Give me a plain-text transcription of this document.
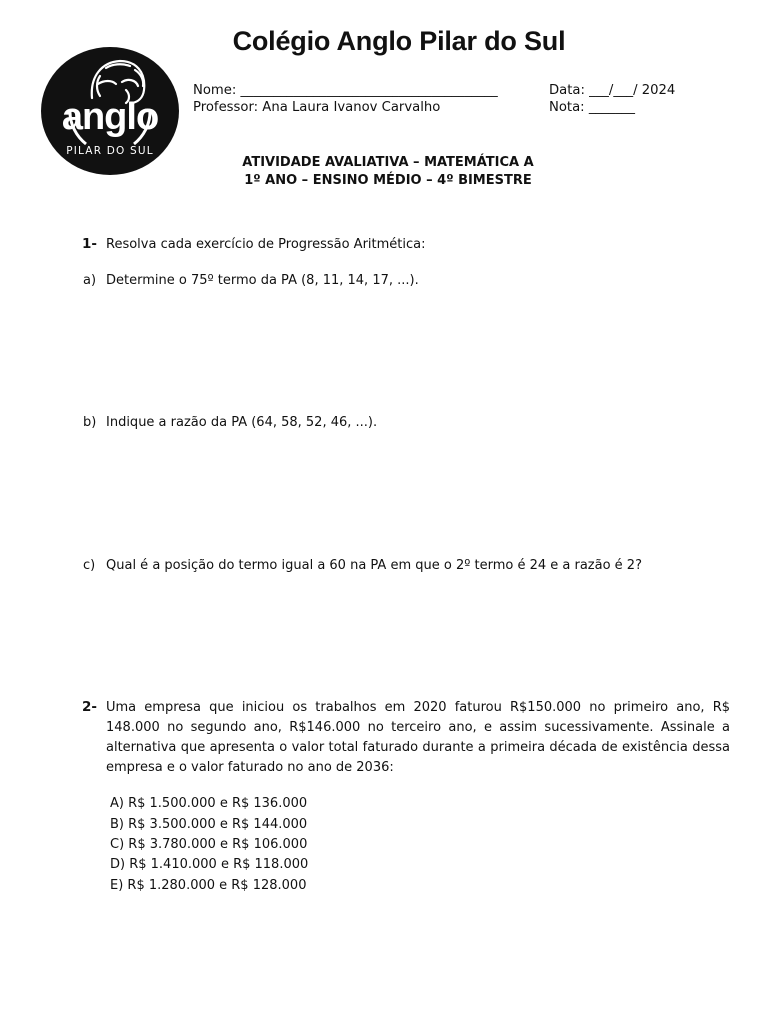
Colégio Anglo Pilar do Sul
anglo
PILAR DO SUL
Nome: _______________________________________	Data: ___/___/ 2024
Professor: Ana Laura Ivanov Carvalho	Nota: _______
ATIVIDADE AVALIATIVA – MATEMÁTICA A
1º ANO – ENSINO MÉDIO – 4º BIMESTRE
1- Resolva cada exercício de Progressão Aritmética:
a) Determine o 75º termo da PA (8, 11, 14, 17, ...).
b) Indique a razão da PA (64, 58, 52, 46, ...).
c) Qual é a posição do termo igual a 60 na PA em que o 2º termo é 24 e a razão é 2?
2- Uma empresa que iniciou os trabalhos em 2020 faturou R$150.000 no primeiro ano, R$ 148.000 no segundo ano, R$146.000 no terceiro ano, e assim sucessivamente. Assinale a alternativa que apresenta o valor total faturado durante a primeira década de existência dessa empresa e o valor faturado no ano de 2036:
A) R$ 1.500.000 e R$ 136.000
B) R$ 3.500.000 e R$ 144.000
C) R$ 3.780.000 e R$ 106.000
D) R$ 1.410.000 e R$ 118.000
E) R$ 1.280.000 e R$ 128.000
